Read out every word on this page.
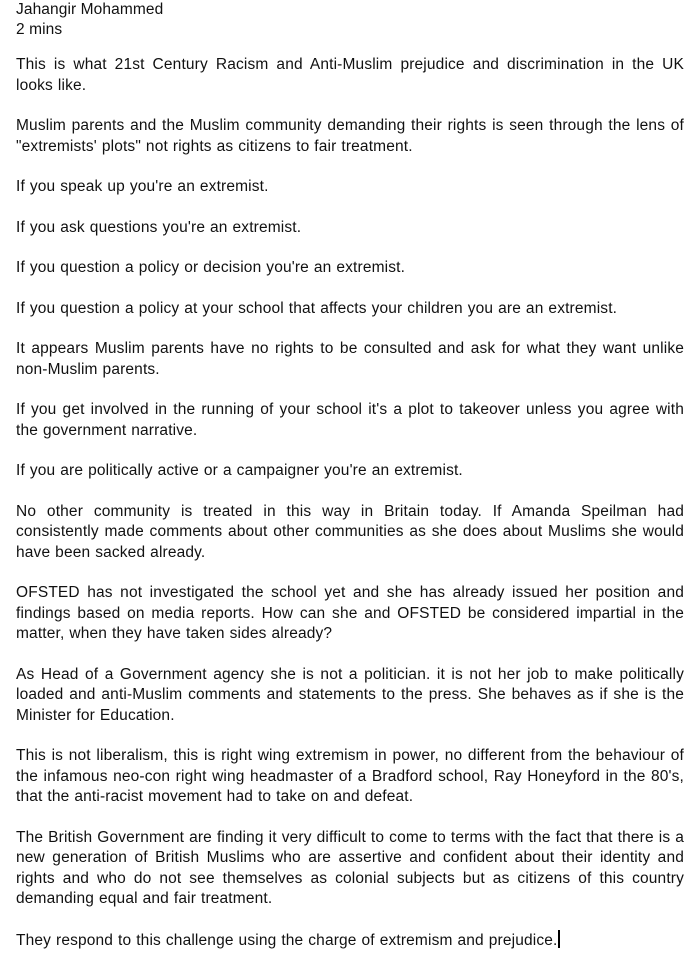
Jahangir Mohammed
2 mins

This is what 21st Century Racism and Anti-Muslim prejudice and discrimination in the UK looks like.

Muslim parents and the Muslim community demanding their rights is seen through the lens of "extremists' plots" not rights as citizens to fair treatment.

If you speak up you're an extremist.

If you ask questions you're an extremist.

If you question a policy or decision you're an extremist.

If you question a policy at your school that affects your children you are an extremist.

It appears Muslim parents have no rights to be consulted and ask for what they want unlike non-Muslim parents.

If you get involved in the running of your school it's a plot to takeover unless you agree with the government narrative.

If you are politically active or a campaigner you're an extremist.

No other community is treated in this way in Britain today. If Amanda Speilman had consistently made comments about other communities as she does about Muslims she would have been sacked already.

OFSTED has not investigated the school yet and she has already issued her position and findings based on media reports. How can she and OFSTED be considered impartial in the matter, when they have taken sides already?

As Head of a Government agency she is not a politician. it is not her job to make politically loaded and anti-Muslim comments and statements to the press. She behaves as if she is the Minister for Education.

This is not liberalism, this is right wing extremism in power, no different from the behaviour of the infamous neo-con right wing headmaster of a Bradford school, Ray Honeyford in the 80's, that the anti-racist movement had to take on and defeat.

The British Government are finding it very difficult to come to terms with the fact that there is a new generation of British Muslims who are assertive and confident about their identity and rights and who do not see themselves as colonial subjects but as citizens of this country demanding equal and fair treatment.

They respond to this challenge using the charge of extremism and prejudice.
